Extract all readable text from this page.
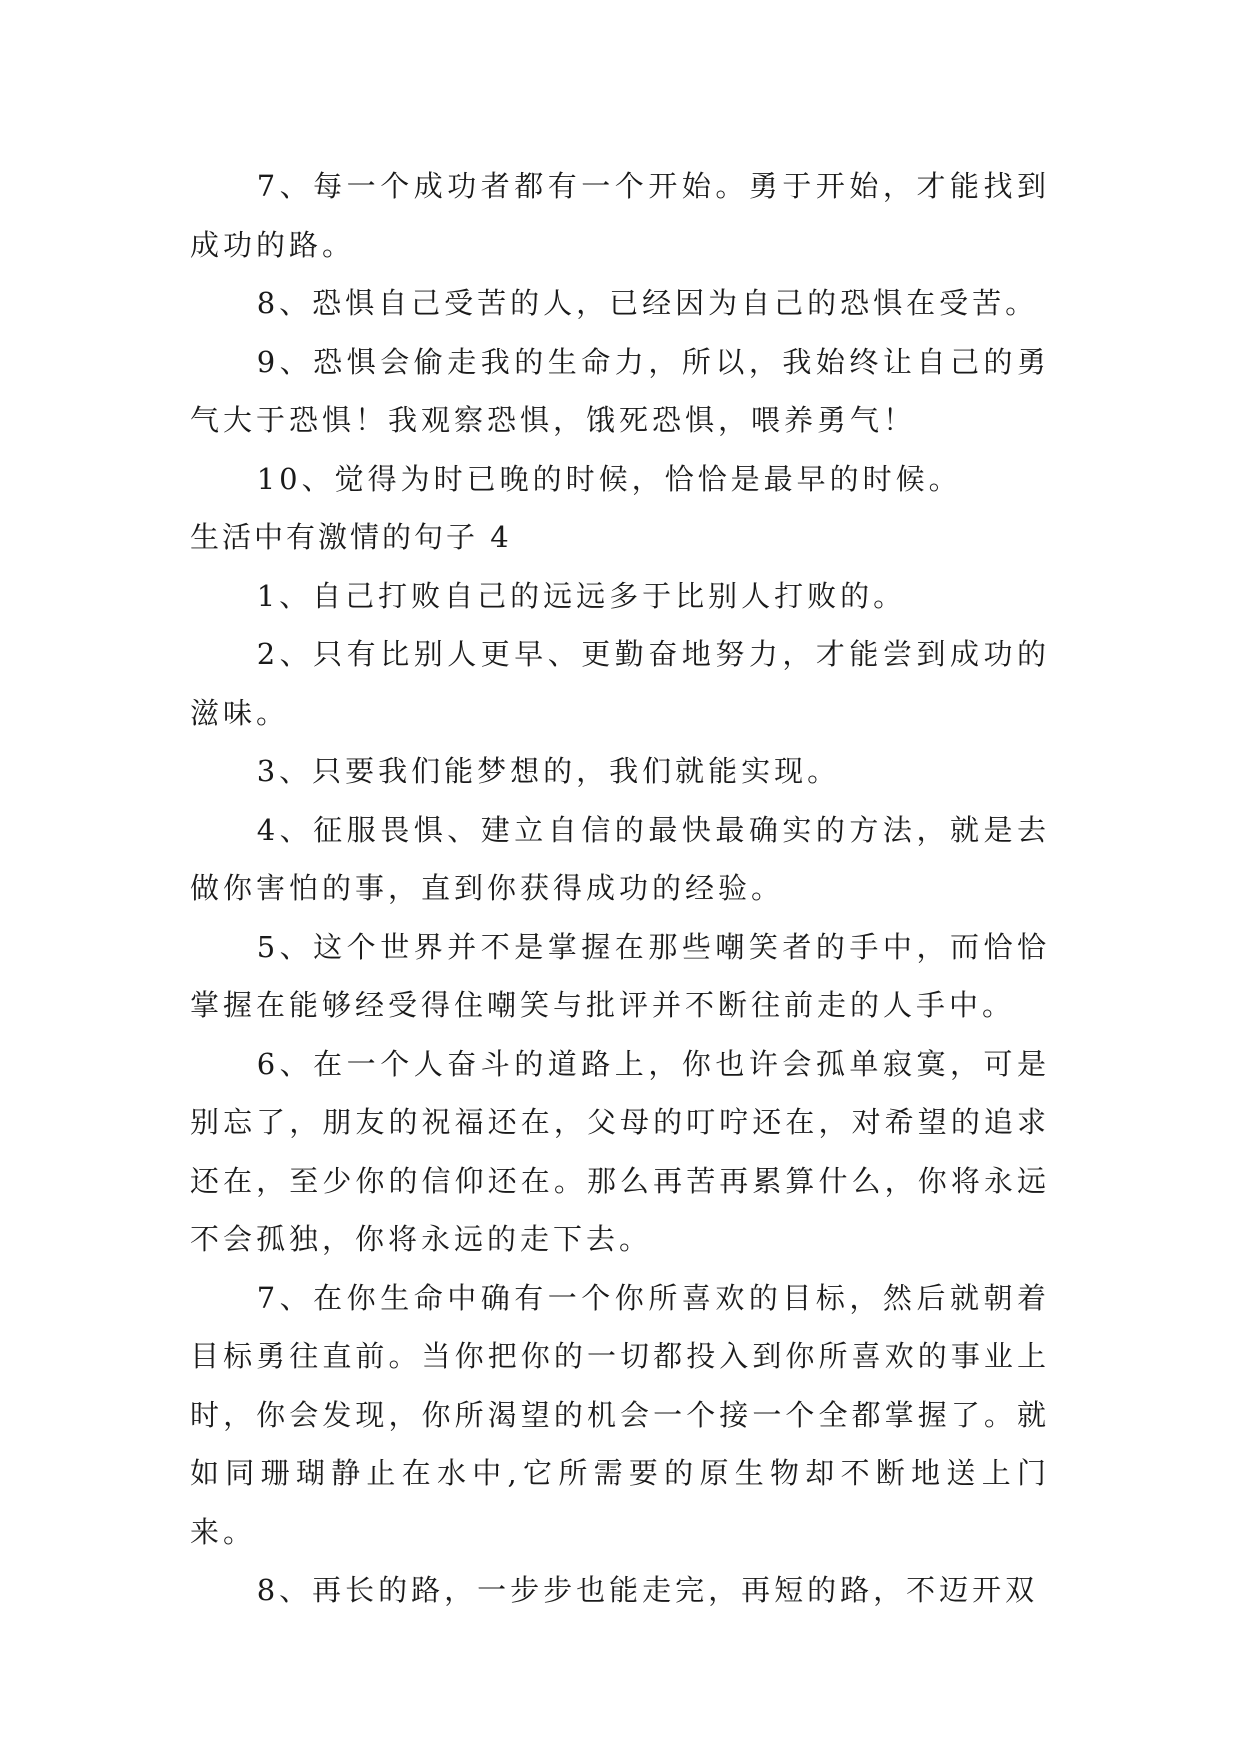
7、每一个成功者都有一个开始。勇于开始，才能找到成功的路。

8、恐惧自己受苦的人，已经因为自己的恐惧在受苦。

9、恐惧会偷走我的生命力，所以，我始终让自己的勇气大于恐惧！我观察恐惧，饿死恐惧，喂养勇气！

10、觉得为时已晚的时候，恰恰是最早的时候。

生活中有激情的句子 4

1、自己打败自己的远远多于比别人打败的。

2、只有比别人更早、更勤奋地努力，才能尝到成功的滋味。

3、只要我们能梦想的，我们就能实现。

4、征服畏惧、建立自信的最快最确实的方法，就是去做你害怕的事，直到你获得成功的经验。

5、这个世界并不是掌握在那些嘲笑者的手中，而恰恰掌握在能够经受得住嘲笑与批评并不断往前走的人手中。

6、在一个人奋斗的道路上，你也许会孤单寂寞，可是别忘了，朋友的祝福还在，父母的叮咛还在，对希望的追求还在，至少你的信仰还在。那么再苦再累算什么，你将永远不会孤独，你将永远的走下去。

7、在你生命中确有一个你所喜欢的目标，然后就朝着目标勇往直前。当你把你的一切都投入到你所喜欢的事业上时，你会发现，你所渴望的机会一个接一个全都掌握了。就如同珊瑚静止在水中,它所需要的原生物却不断地送上门来。

8、再长的路，一步步也能走完，再短的路，不迈开双
